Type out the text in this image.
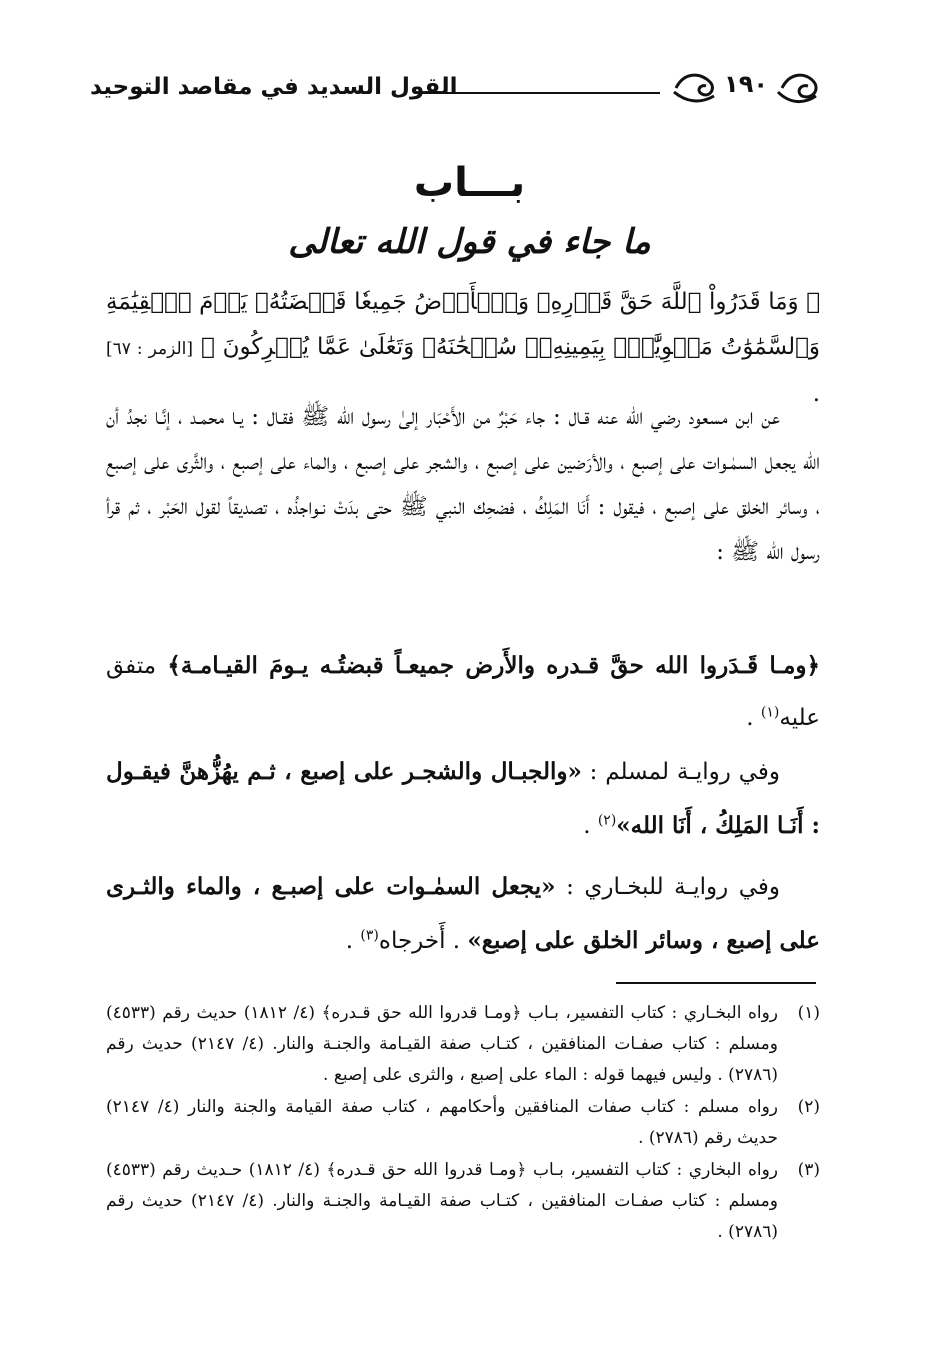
القول السديد في مقاصد التوحيد	١٩٠
بـــاب
ما جاء في قول الله تعالى
﴿ وَمَا قَدَرُواْ ٱللَّهَ حَقَّ قَدۡرِهِۦ وَٱلۡأَرۡضُ جَمِيعٗا قَبۡضَتُهُۥ يَوۡمَ ٱلۡقِيَٰمَةِ وَٱلسَّمَٰوَٰتُ مَطۡوِيَّٰتُۢ بِيَمِينِهِۦۚ سُبۡحَٰنَهُۥ وَتَعَٰلَىٰ عَمَّا يُشۡرِكُونَ ﴾ [الزمر : ٦٧] .

عن ابن مسعود رضي الله عنه قـال : جاء حَبْرٌ من الأَحْبَار إلىٰ رسول الله ﷺ فقـال : يـا محمـد ، إنَّـا نجدُ أن الله يجعل السمٰـوات على إصبع ، والأرَضين على إصبع ، والشجر على إصبع ، والماء على إصبع ، والثَّرى على إصبع ، وسائر الخلق على إصبع ، فيقول : أَنَا المَلِكُ ، فضحِك النبي ﷺ حتى بدَتْ نـواجذُه ، تصديقاً لقول الحَبْر ، ثم قرأ رسول الله ﷺ :

﴿ومـا قَـدَروا الله حقَّ قـدره والأَرض جميعـاً قبضتُـه يـومَ القيـامـة﴾ متفق عليه$^{(١)}$ .

وفي روايـة لمسلم : «والجبـال والشجـر على إصبع ، ثـم يهُزُّهنَّ فيقـول : أَنَـا المَلِكُ ، أَنَا الله»$^{(٢)}$ .

وفي روايـة للبخـاري : «يجعل السمٰـوات على إصبـع ، والماء والثـرى على إصبع ، وسائر الخلق على إصبع» . أَخرجاه$^{(٣)}$ .

(١)
رواه البخـاري : كتاب التفسير، بـاب ﴿ومـا قدروا الله حق قـدره﴾ (٤/ ١٨١٢) حديث رقم (٤٥٣٣) ومسلم : كتاب صفـات المنافقين ، كتـاب صفة القيـامة والجنـة والنار. (٤/ ٢١٤٧) حديث رقم (٢٧٨٦) . وليس فيهما قوله : الماء على إصبع ، والثرى على إصبع .
(٢)
رواه مسلم : كتاب صفات المنافقين وأحكامهم ، كتاب صفة القيامة والجنة والنار (٤/ ٢١٤٧) حديث رقم (٢٧٨٦) .
(٣)
رواه البخاري : كتاب التفسير، بـاب ﴿ومـا قدروا الله حق قـدره﴾ (٤/ ١٨١٢) حـديث رقم (٤٥٣٣) ومسلم : كتاب صفـات المنافقين ، كتـاب صفة القيـامة والجنـة والنار. (٤/ ٢١٤٧) حديث رقم (٢٧٨٦) .
